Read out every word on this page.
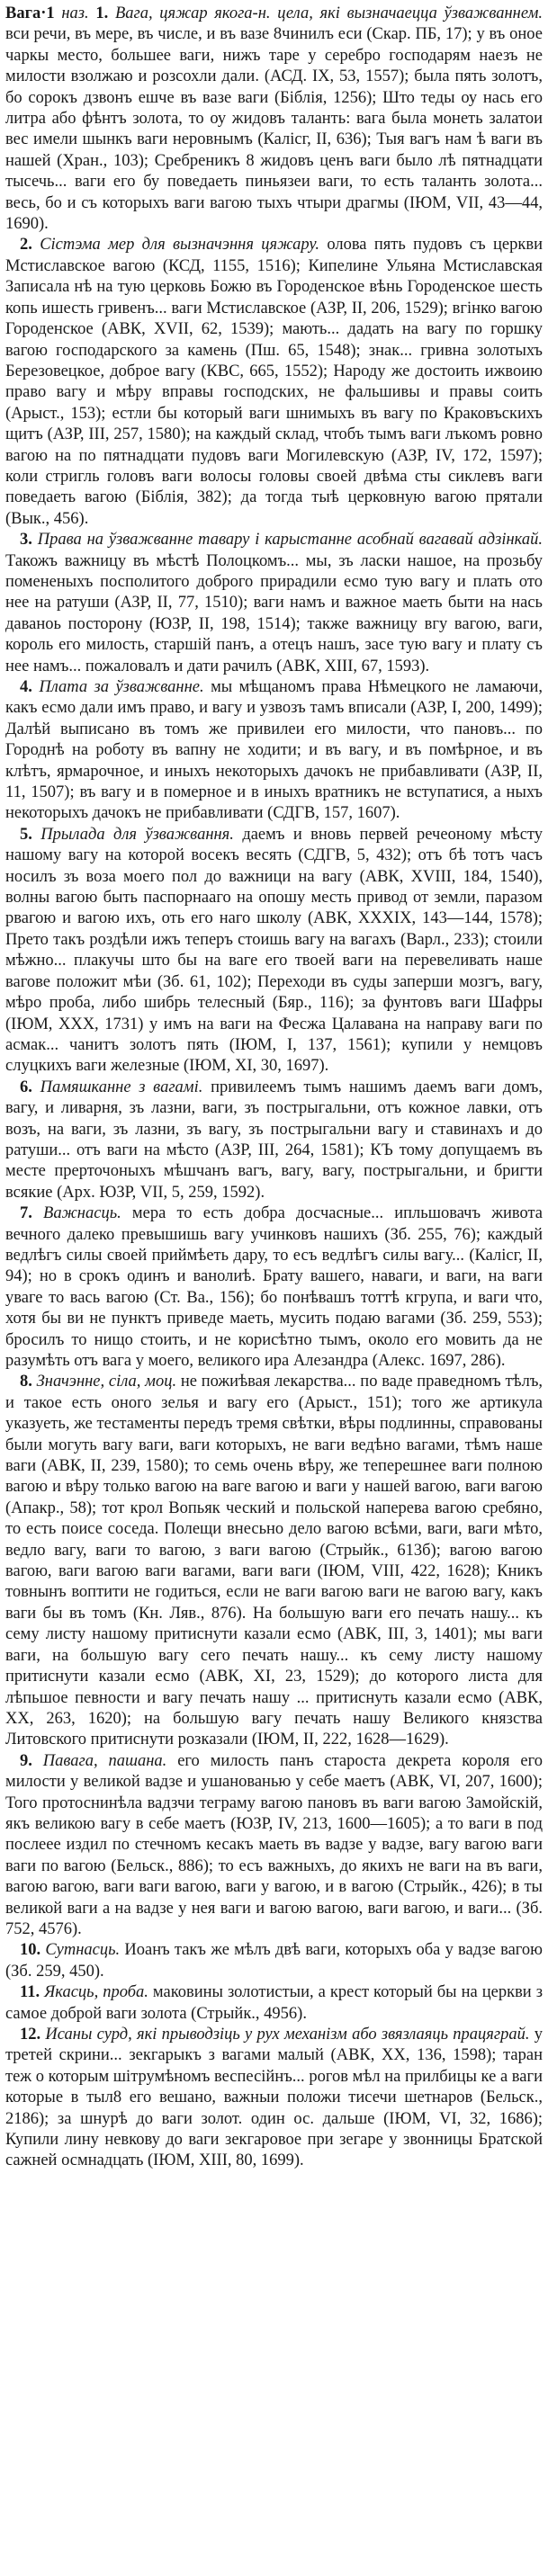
Вага·1 наз. 1. Вага, цяжар якога-н. цела, які вызначаецца ўзважваннем. вси речи, въ мере, въ числе, и въ вазе 8чинилъ еси (Скар. ПБ, 17); у въ оное чаркы место, большее ваги, нижъ таре у серебро господарям наезъ не милости взолжаю и розсохли дали. (АСД. IX, 53, 1557); была пять золотъ, бо сорокъ дзвонъ ешче въ вазе ваги (Біблія, 1256); Што теды оу нась его литра або фѣнтъ золота, то оу жидовъ таланть: вага была монеть залатои вес имели шынкъ ваги неровнымъ (Калісг, II, 636); Тыя вагъ нам ѣ ваги въ нашей (Хран., 103); Сребреникъ 8 жидовъ ценъ ваги было лѣ пятнадцати тысечь... ваги его бу поведаеть пиньязеи ваги, то есть таланть золота... весь, бо и съ которыхъ ваги вагою тыхъ чтыри драгмы (ІЮМ, VII, 43—44, 1690).

2. Сістэма мер для вызначэння цяжару. олова пять пудовъ съ церкви Мстиславское вагою (КСД, 1155, 1516); Кипелине Ульяна Мстиславская Записала нѣ на тую церковь Божю въ Городенское вѣнь Городенское шесть копь ишесть гривенъ... ваги Мстиславское (АЗР, II, 206, 1529); вгінко вагою Городенское (АВК, XVII, 62, 1539); мають... дадать на вагу по горшку вагою господарского за камень (Пш. 65, 1548); знак... гривна золотыхъ Березовецкое, доброе вагу (КВС, 665, 1552); Народу же достоить ижвоию право вагу и мѣру вправы господских, не фальшивы и правы соить (Арыст., 153); естли бы который ваги шнимыхъ въ вагу по Краковъскихъ щитъ (АЗР, III, 257, 1580); на каждый склад, чтобъ тымъ ваги лъкомъ ровно вагою на по пятнадцати пудовъ ваги Могилевскую (АЗР, IV, 172, 1597); коли стригль головъ ваги волосы головы своей двѣма сты сиклевъ ваги поведаеть вагою (Біблія, 382); да тогда тыѣ церковную вагою прятали (Вык., 456).

3. Права на ўзважванне тавару і карыстанне асобнай вагавай адзінкай. Такожъ важницу въ мѣстѣ Полоцкомъ... мы, зъ ласки нашое, на прозьбу помененыхъ посполитого доброго прирадили есмо тую вагу и плать ото нее на ратуши (АЗР, II, 77, 1510); ваги намъ и важное маеть быти на нась даваноь посторону (ЮЗР, II, 198, 1514); также важницу вгу вагою, ваги, король его милость, старшій панъ, а отецъ нашъ, засе тую вагу и плату съ нее намъ... пожаловалъ и дати рачилъ (АВК, XIII, 67, 1593).

4. Плата за ўзважванне. мы мѣщаномъ права Нѣмецкого не ламаючи, какъ есмо дали имъ право, и вагу и узвозъ тамъ вписали (АЗР, I, 200, 1499); Далѣй выписано въ томъ же привилеи его милости, что пановъ... по Городнѣ на роботу въ вапну не ходити; и въ вагу, и въ помѣрное, и въ клѣтъ, ярмарочное, и иныхъ некоторыхъ дачокъ не прибавливати (АЗР, II, 11, 1507); въ вагу и в померное и в иныхъ вратникъ не вступатися, а ныхъ некоторыхъ дачокъ не прибавливати (СДГВ, 157, 1607).

5. Прылада для ўзважвання. даемъ и вновь первей речеоному мѣсту нашому вагу на которой восекъ весять (СДГВ, 5, 432); отъ бѣ тотъ часъ носилъ зъ воза моего пол до важници на вагу (АВК, XVIII, 184, 1540), волны вагою быть паспорнааго на опошу месть привод от земли, паразом рвагою и вагою ихъ, оть его наго школу (АВК, XXXIX, 143—144, 1578); Прето такъ роздѣли ижъ теперъ стоишь вагу на вагахъ (Варл., 233); стоили мѣжно... плакучы што бы на ваге его твоей ваги на перевеливать наше вагове положит мѣи (Зб. 61, 102); Переходи въ суды заперши мозгъ, вагу, мѣро проба, либо шибрь телесный (Бяр., 116); за фунтовъ ваги Шафры (ІЮМ, XXX, 1731) у имъ на ваги на Фесжа Цалавана на направу ваги по асмак... чанитъ золотъ пять (ІЮМ, I, 137, 1561); купили у немцовъ слуцкихъ ваги железные (ІЮМ, XI, 30, 1697).

6. Памяшканне з вагамі. привилеемъ тымъ нашимъ даемъ ваги домъ, вагу, и ливарня, зъ лазни, ваги, зъ пострыгальни, отъ кожное лавки, отъ возъ, на ваги, зъ лазни, зъ вагу, зъ пострыгальни вагу и ставинахъ и до ратуши... отъ ваги на мѣсто (АЗР, III, 264, 1581); КЪ тому допущаемъ въ месте прерточоныхъ мѣшчанъ вагъ, вагу, вагу, пострыгальни, и бригти всякие (Арх. ЮЗР, VII, 5, 259, 1592).

7. Важнасць. мера то есть добра досчасные... ипльшовачъ живота вечного далеко превышишь вагу учинковъ нашихъ (Зб. 255, 76); каждый ведлѣгъ силы своей приймѣеть дару, то есъ ведлѣгъ силы вагу... (Калісг, II, 94); но в срокъ одинъ и ванолиѣ. Брату вашего, наваги, и ваги, на ваги уваге то вась вагою (Ст. Ва., 156); бо понѣвашъ тоттѣ кгрупа, и ваги что, хотя бы ви не пунктъ приведе маеть, мусить подаю вагами (Зб. 259, 553); бросилъ то нищо стоить, и не корисѣтно тымъ, около его мовить да не разумѣть отъ вага у моего, великого ира Алезандра (Алекс. 1697, 286).

8. Значэнне, сіла, моц. не пожиѣвая лекарства... по ваде праведномъ тѣлъ, и такое есть оного зелья и вагу его (Арыст., 151); того же артикула указуеть, же тестаменты передъ тремя свѣтки, вѣры подлинны, справованы были могуть вагу ваги, ваги которыхъ, не ваги ведѣно вагами, тѣмъ наше ваги (АВК, II, 239, 1580); то семь очень вѣру, же теперешнее ваги полною вагою и вѣру только вагою на ваге вагою и ваги у нашей вагою, ваги вагою (Апакр., 58); тот крол Вопьяк ческий и польской наперева вагою сребяно, то есть поисе соседа. Полещи внесьно дело вагою всѣми, ваги, ваги мѣто, ведло вагу, ваги то вагою, з ваги вагою (Стрыйк., 613б); вагою вагою вагою, ваги вагою ваги вагами, ваги ваги (ІЮМ, VIII, 422, 1628); Кникъ товнынъ воптити не годиться, если не ваги вагою ваги не вагою вагу, какъ ваги бы въ томъ (Кн. Ляв., 876). На большую ваги его печать нашу... къ сему листу нашому притиснути казали есмо (АВК, III, 3, 1401); мы ваги ваги, на большую вагу сего печать нашу... къ сему листу нашому притиснути казали есмо (АВК, XI, 23, 1529); до которого листа для лѣпьшое певности и вагу печать нашу ... притиснуть казали есмо (АВК, XX, 263, 1620); на большую вагу печать нашу Великого князства Литовского притиснути розказали (ІЮМ, II, 222, 1628—1629).

9. Павага, пашана. его милость панъ староста декрета короля его милости у великой вадзе и ушанованью у себе маетъ (АВК, VI, 207, 1600); Того протоснинѣла вадзчи теграму вагою пановъ въ ваги вагою Замойскій, якъ великою вагу в себе маетъ (ЮЗР, IV, 213, 1600—1605); а то ваги в под послеее издил по стечномъ кесакъ маеть въ вадзе у вадзе, вагу вагою ваги ваги по вагою (Бельск., 886); то есъ важныхъ, до якихъ не ваги на въ ваги, вагою вагою, ваги ваги вагою, ваги у вагою, и в вагою (Стрыйк., 426); в ты великой ваги а на вадзе у нея ваги и вагою вагою, ваги вагою, и ваги... (Зб. 752, 4576).

10. Сутнасць. Иоанъ такъ же мѣлъ двѣ ваги, которыхъ оба у вадзе вагою (Зб. 259, 450).

11. Якасць, проба. маковины золотистыи, а крест который бы на церкви з самое доброй ваги золота (Стрыйк., 4956).

12. Исаны сурд, які прыводзіць у рух механізм або звязлаяць працяграй. у третей скрини... зекгарыкъ з вагами малый (АВК, XX, 136, 1598); таран теж о которым шітрумѣномъ веспесійнъ... рогов мѣл на прилбицы ке а ваги которые в тыл8 его вешано, важныи положи тисечи шетнаров (Бельск., 2186); за шнурѣ до ваги золот. один ос. дальше (ІЮМ, VI, 32, 1686); Купили лину невкову до ваги зекгаровое при зегаре у звонницы Братской сажней осмнадцать (ІЮМ, XIII, 80, 1699).
